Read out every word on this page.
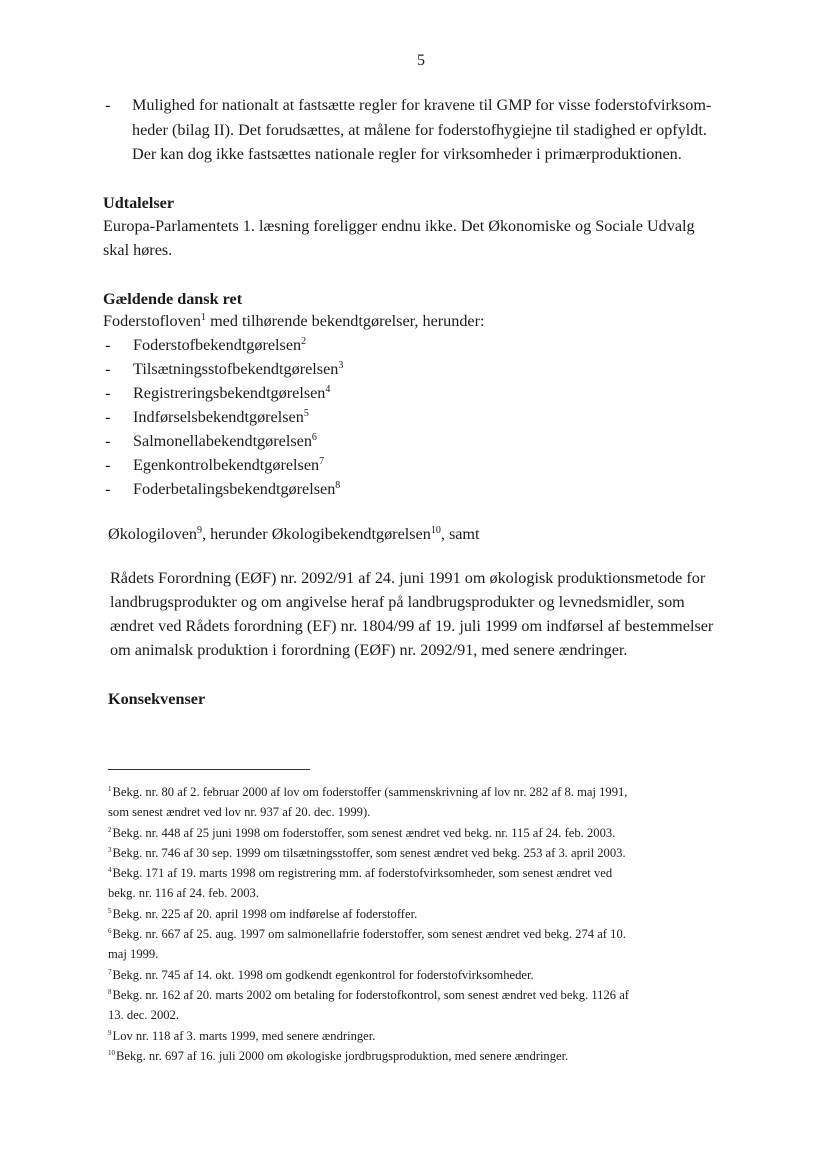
5
- Mulighed for nationalt at fastsætte regler for kravene til GMP for visse foderstofvirksom-
heder (bilag II). Det forudsættes, at målene for foderstofhygiejne til stadighed er opfyldt.
Der kan dog ikke fastsættes nationale regler for virksomheder i primærproduktionen.
Udtalelser
Europa-Parlamentets 1. læsning foreligger endnu ikke. Det Økonomiske og Sociale Udvalg
skal høres.
Gældende dansk ret
Foderstofloven$^1$ med tilhørende bekendtgørelser, herunder:
- Foderstofbekendtgørelsen$^2$
- Tilsætningsstofbekendtgørelsen$^3$
- Registreringsbekendtgørelsen$^4$
- Indførselsbekendtgørelsen$^5$
- Salmonellabekendtgørelsen$^6$
- Egenkontrolbekendtgørelsen$^7$
- Foderbetalingsbekendtgørelsen$^8$
Økologiloven$^9$, herunder Økologibekendtgørelsen$^{10}$, samt
Rådets Forordning (EØF) nr. 2092/91 af 24. juni 1991 om økologisk produktionsmetode for
landbrugsprodukter og om angivelse heraf på landbrugsprodukter og levnedsmidler, som
ændret ved Rådets forordning (EF) nr. 1804/99 af 19. juli 1999 om indførsel af bestemmelser
om animalsk produktion i forordning (EØF) nr. 2092/91, med senere ændringer.
Konsekvenser
$^1$Bekg. nr. 80 af 2. februar 2000 af lov om foderstoffer (sammenskrivning af lov nr. 282 af 8. maj 1991,
som senest ændret ved lov nr. 937 af 20. dec. 1999).
$^2$Bekg. nr. 448 af 25 juni 1998 om foderstoffer, som senest ændret ved bekg. nr. 115 af 24. feb. 2003.
$^3$Bekg. nr. 746 af 30 sep. 1999 om tilsætningsstoffer, som senest ændret ved bekg. 253 af 3. april 2003.
$^4$Bekg. 171 af 19. marts 1998 om registrering mm. af foderstofvirksomheder, som senest ændret ved
bekg. nr. 116 af 24. feb. 2003.
$^5$Bekg. nr. 225 af 20. april 1998 om indførelse af foderstoffer.
$^6$Bekg. nr. 667 af 25. aug. 1997 om salmonellafrie foderstoffer, som senest ændret ved bekg. 274 af 10.
maj 1999.
$^7$Bekg. nr. 745 af 14. okt. 1998 om godkendt egenkontrol for foderstofvirksomheder.
$^8$Bekg. nr. 162 af 20. marts 2002 om betaling for foderstofkontrol, som senest ændret ved bekg. 1126 af
13. dec. 2002.
$^9$Lov nr. 118 af 3. marts 1999, med senere ændringer.
$^{10}$Bekg. nr. 697 af 16. juli 2000 om økologiske jordbrugsproduktion, med senere ændringer.
